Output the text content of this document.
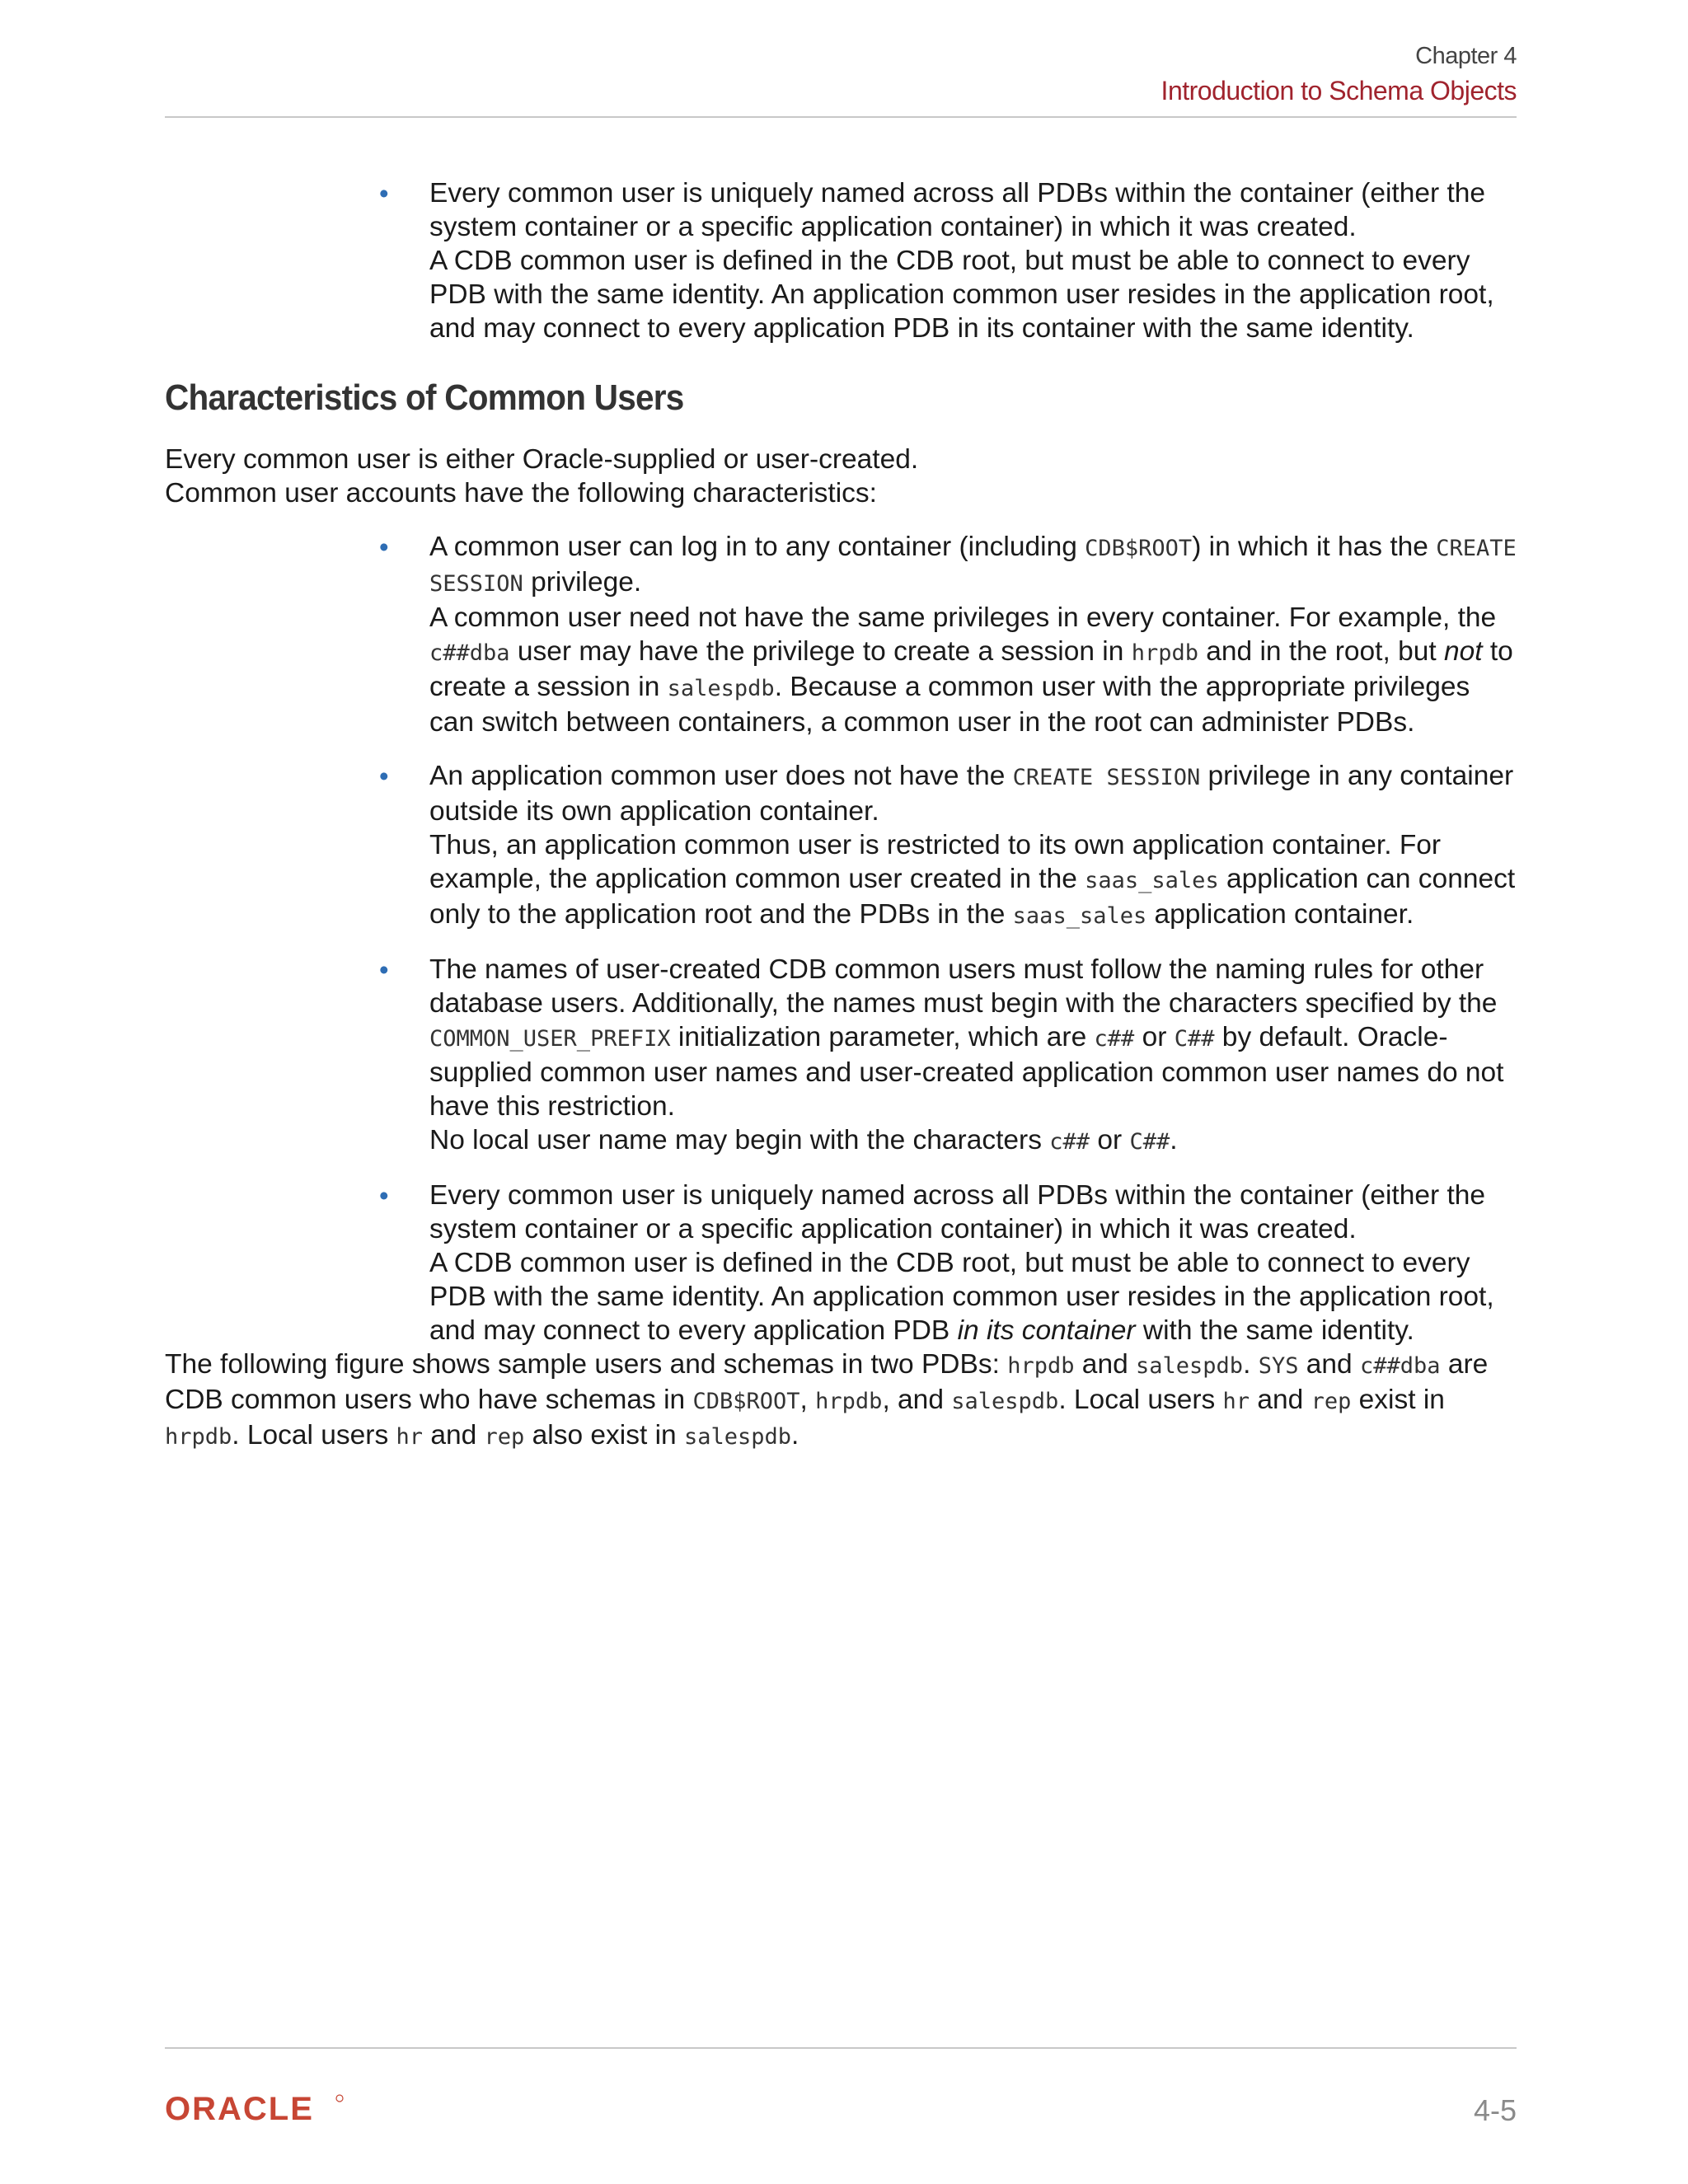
Chapter 4
Introduction to Schema Objects
• Every common user is uniquely named across all PDBs within the container (either the system container or a specific application container) in which it was created.

A CDB common user is defined in the CDB root, but must be able to connect to every PDB with the same identity. An application common user resides in the application root, and may connect to every application PDB in its container with the same identity.

Characteristics of Common Users

Every common user is either Oracle-supplied or user-created.

Common user accounts have the following characteristics:

• A common user can log in to any container (including CDB$ROOT) in which it has the CREATE SESSION privilege.

A common user need not have the same privileges in every container. For example, the c##dba user may have the privilege to create a session in hrpdb and in the root, but not to create a session in salespdb. Because a common user with the appropriate privileges can switch between containers, a common user in the root can administer PDBs.

• An application common user does not have the CREATE SESSION privilege in any container outside its own application container.

Thus, an application common user is restricted to its own application container. For example, the application common user created in the saas_sales application can connect only to the application root and the PDBs in the saas_sales application container.

• The names of user-created CDB common users must follow the naming rules for other database users. Additionally, the names must begin with the characters specified by the COMMON_USER_PREFIX initialization parameter, which are c## or C## by default. Oracle-supplied common user names and user-created application common user names do not have this restriction.

No local user name may begin with the characters c## or C##.

• Every common user is uniquely named across all PDBs within the container (either the system container or a specific application container) in which it was created.

A CDB common user is defined in the CDB root, but must be able to connect to every PDB with the same identity. An application common user resides in the application root, and may connect to every application PDB in its container with the same identity.

The following figure shows sample users and schemas in two PDBs: hrpdb and salespdb. SYS and c##dba are CDB common users who have schemas in CDB$ROOT, hrpdb, and salespdb. Local users hr and rep exist in hrpdb. Local users hr and rep also exist in salespdb.

ORACLE	4-5
